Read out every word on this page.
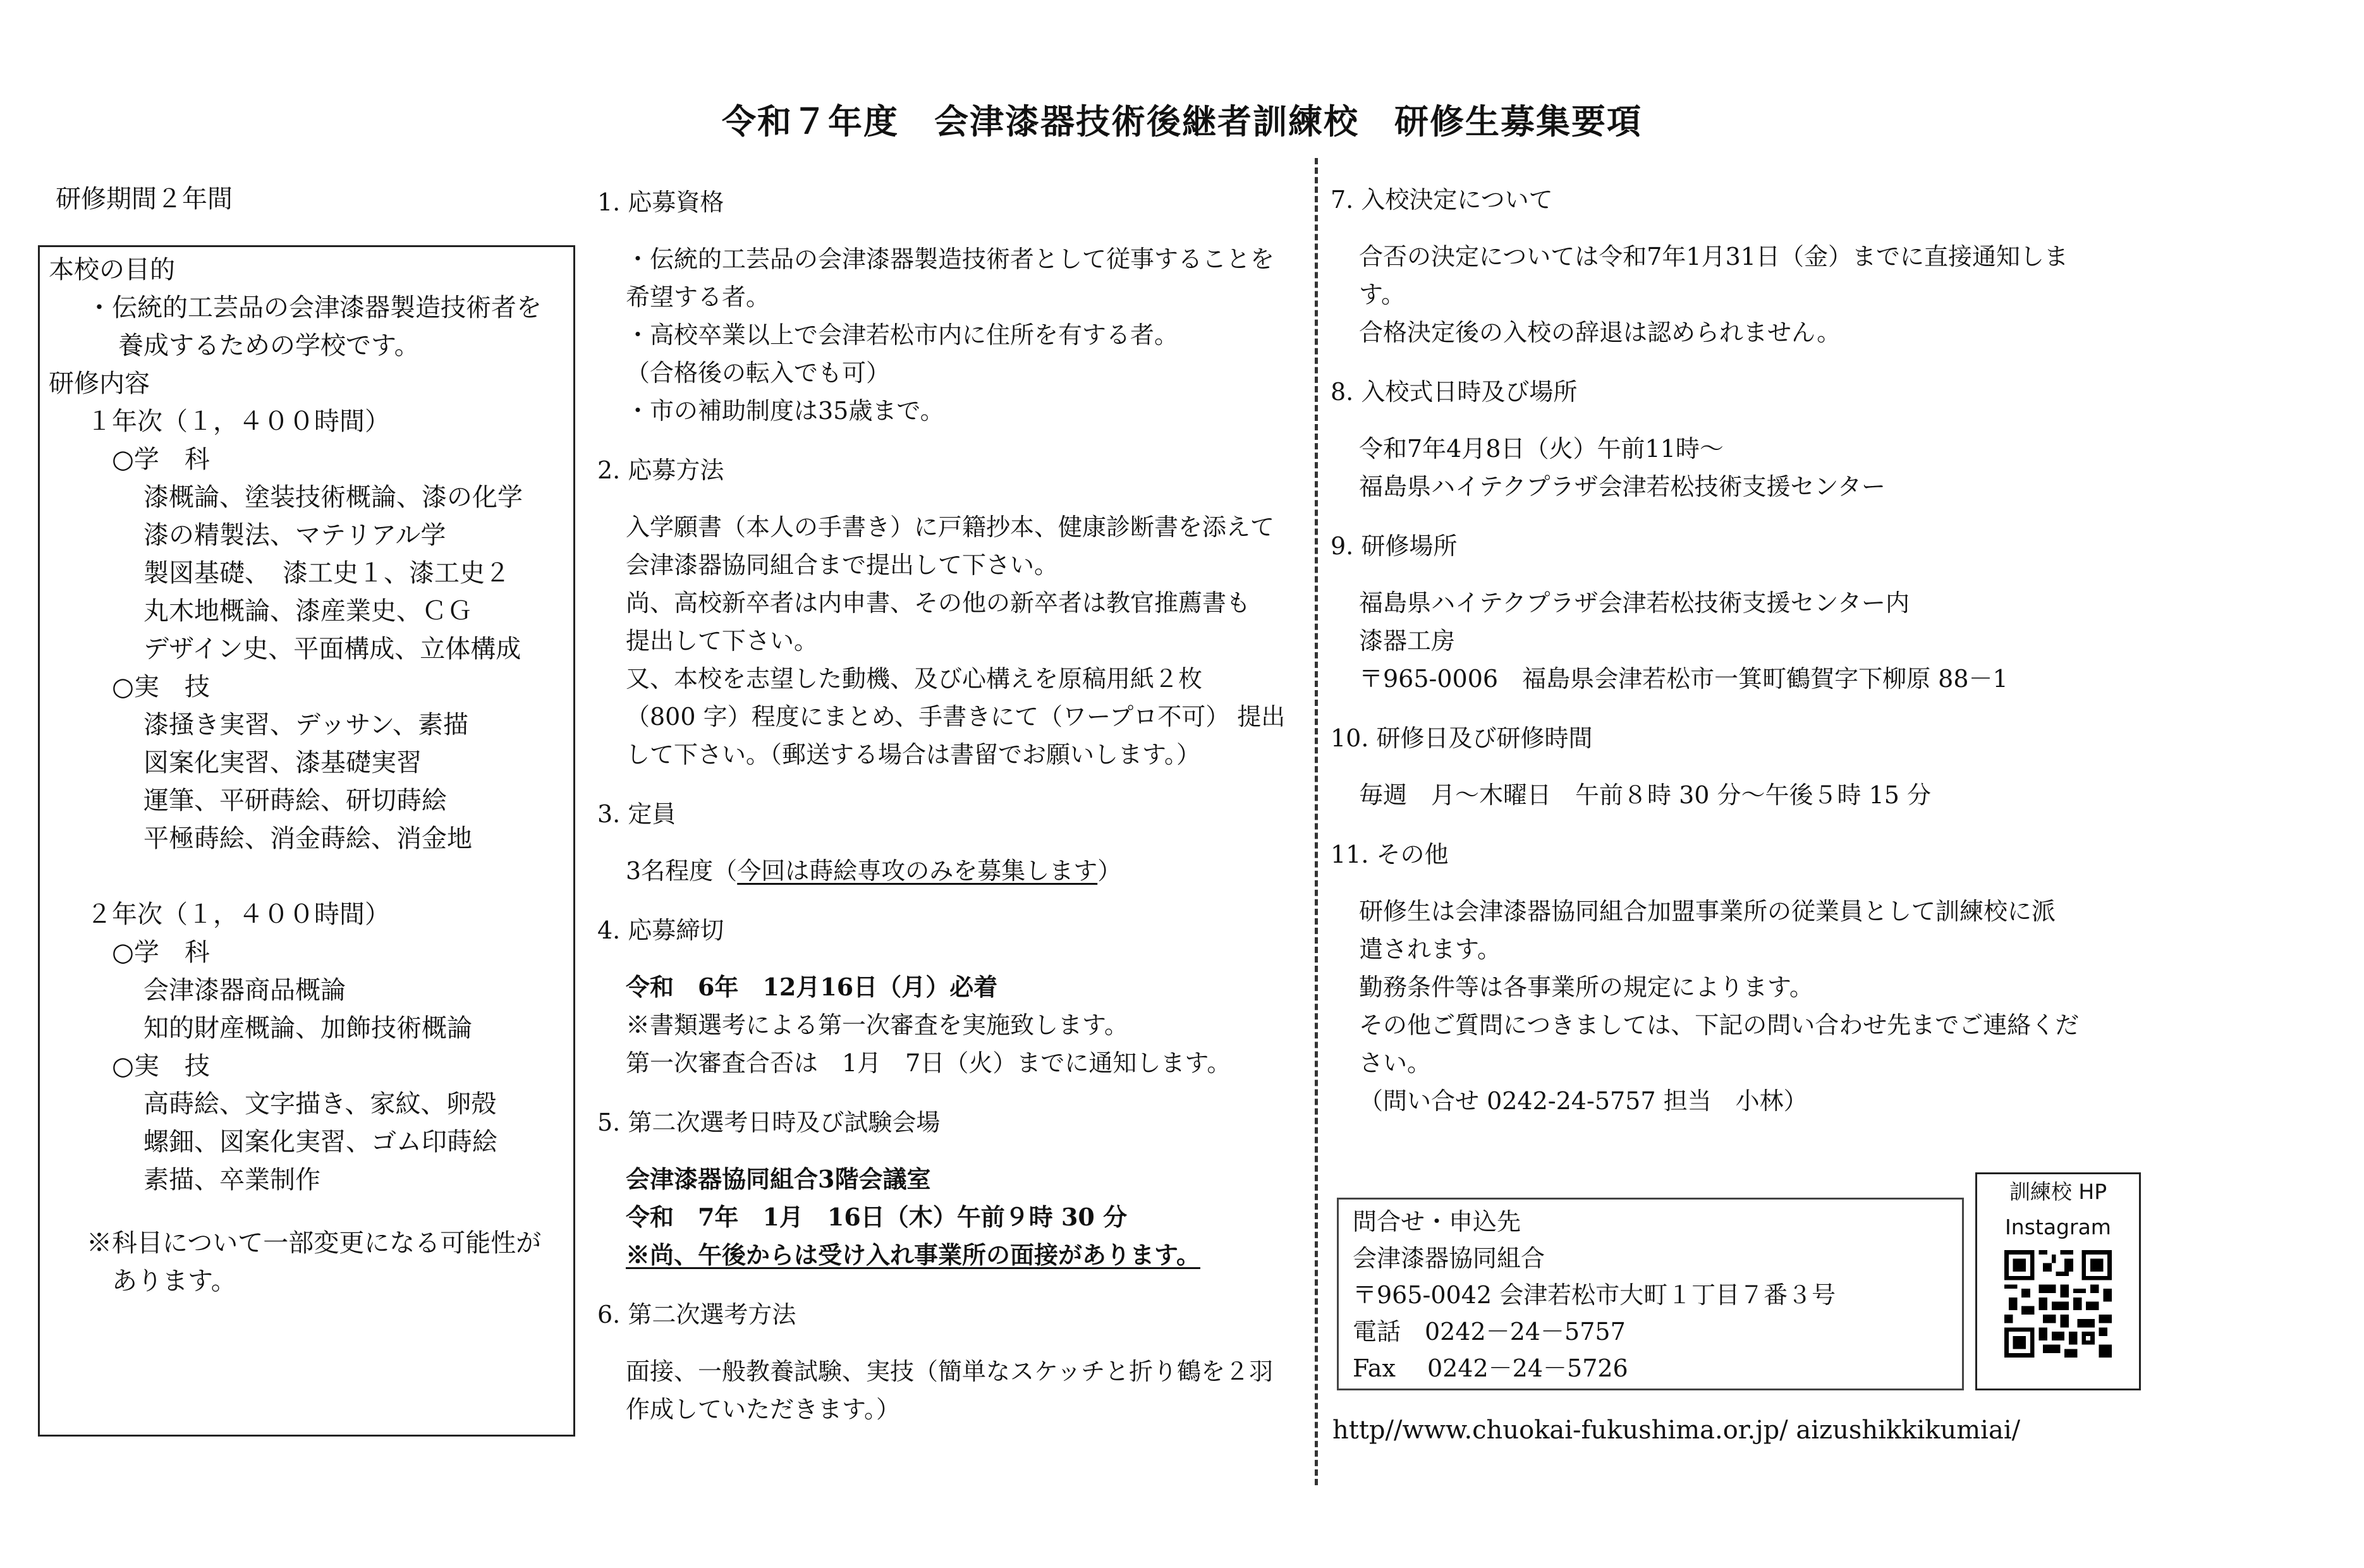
令和７年度　会津漆器技術後継者訓練校　研修生募集要項
研修期間２年間
本校の目的
・伝統的工芸品の会津漆器製造技術者を
養成するための学校です。
研修内容
１年次（１，４００時間）
○学　科
漆概論、塗装技術概論、漆の化学
漆の精製法、マテリアル学
製図基礎、　漆工史１、漆工史２
丸木地概論、漆産業史、ＣＧ
デザイン史、平面構成、立体構成
○実　技
漆掻き実習、デッサン、素描
図案化実習、漆基礎実習
運筆、平研蒔絵、研切蒔絵
平極蒔絵、消金蒔絵、消金地
２年次（１，４００時間）
○学　科
会津漆器商品概論
知的財産概論、加飾技術概論
○実　技
高蒔絵、文字描き、家紋、卵殻
螺鈿、図案化実習、ゴム印蒔絵
素描、卒業制作
※科目について一部変更になる可能性が
あります。
1. 応募資格
・伝統的工芸品の会津漆器製造技術者として従事することを
希望する者。
・高校卒業以上で会津若松市内に住所を有する者。
（合格後の転入でも可）
・市の補助制度は35歳まで。
2. 応募方法
入学願書（本人の手書き）に戸籍抄本、健康診断書を添えて
会津漆器協同組合まで提出して下さい。
尚、高校新卒者は内申書、その他の新卒者は教官推薦書も
提出して下さい。
又、本校を志望した動機、及び心構えを原稿用紙２枚
（800 字）程度にまとめ、手書きにて（ワープロ不可） 提出
して下さい。（郵送する場合は書留でお願いします。）
3. 定員
3名程度（今回は蒔絵専攻のみを募集します）
4. 応募締切
令和　6年　12月16日（月）必着
※書類選考による第一次審査を実施致します。
第一次審査合否は　1月　7日（火）までに通知します。
5. 第二次選考日時及び試験会場
会津漆器協同組合3階会議室
令和　7年　1月　16日（木）午前９時 30 分
※尚、午後からは受け入れ事業所の面接があります。
6. 第二次選考方法
面接、一般教養試験、実技（簡単なスケッチと折り鶴を２羽
作成していただきます。）
7. 入校決定について
合否の決定については令和7年1月31日（金）までに直接通知しま
す。
合格決定後の入校の辞退は認められません。
8. 入校式日時及び場所
令和7年4月8日（火）午前11時～
福島県ハイテクプラザ会津若松技術支援センター
9. 研修場所
福島県ハイテクプラザ会津若松技術支援センター内
漆器工房
〒965-0006　福島県会津若松市一箕町鶴賀字下柳原 88－1
10. 研修日及び研修時間
毎週　月～木曜日　午前８時 30 分～午後５時 15 分
11. その他
研修生は会津漆器協同組合加盟事業所の従業員として訓練校に派
遣されます。
勤務条件等は各事業所の規定によります。
その他ご質問につきましては、下記の問い合わせ先までご連絡くだ
さい。
（問い合せ 0242-24-5757 担当　小林）
問合せ・申込先
会津漆器協同組合
〒965-0042 会津若松市大町１丁目７番３号
電話　0242－24－5757
Fax　 0242－24－5726
訓練校 HP
Instagram
http//www.chuokai-fukushima.or.jp/ aizushikkikumiai/
